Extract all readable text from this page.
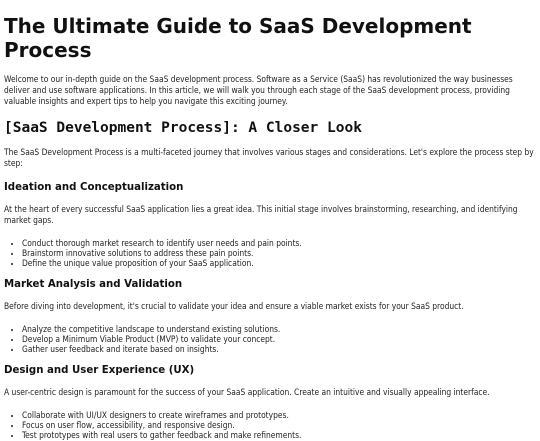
The Ultimate Guide to SaaS Development Process

Welcome to our in-depth guide on the SaaS development process. Software as a Service (SaaS) has revolutionized the way businesses deliver and use software applications. In this article, we will walk you through each stage of the SaaS development process, providing valuable insights and expert tips to help you navigate this exciting journey.

[SaaS Development Process]: A Closer Look

The SaaS Development Process is a multi-faceted journey that involves various stages and considerations. Let's explore the process step by step:

Ideation and Conceptualization

At the heart of every successful SaaS application lies a great idea. This initial stage involves brainstorming, researching, and identifying market gaps.

• Conduct thorough market research to identify user needs and pain points.
• Brainstorm innovative solutions to address these pain points.
• Define the unique value proposition of your SaaS application.
Market Analysis and Validation

Before diving into development, it's crucial to validate your idea and ensure a viable market exists for your SaaS product.

• Analyze the competitive landscape to understand existing solutions.
• Develop a Minimum Viable Product (MVP) to validate your concept.
• Gather user feedback and iterate based on insights.
Design and User Experience (UX)

A user-centric design is paramount for the success of your SaaS application. Create an intuitive and visually appealing interface.

• Collaborate with UI/UX designers to create wireframes and prototypes.
• Focus on user flow, accessibility, and responsive design.
• Test prototypes with real users to gather feedback and make refinements.
